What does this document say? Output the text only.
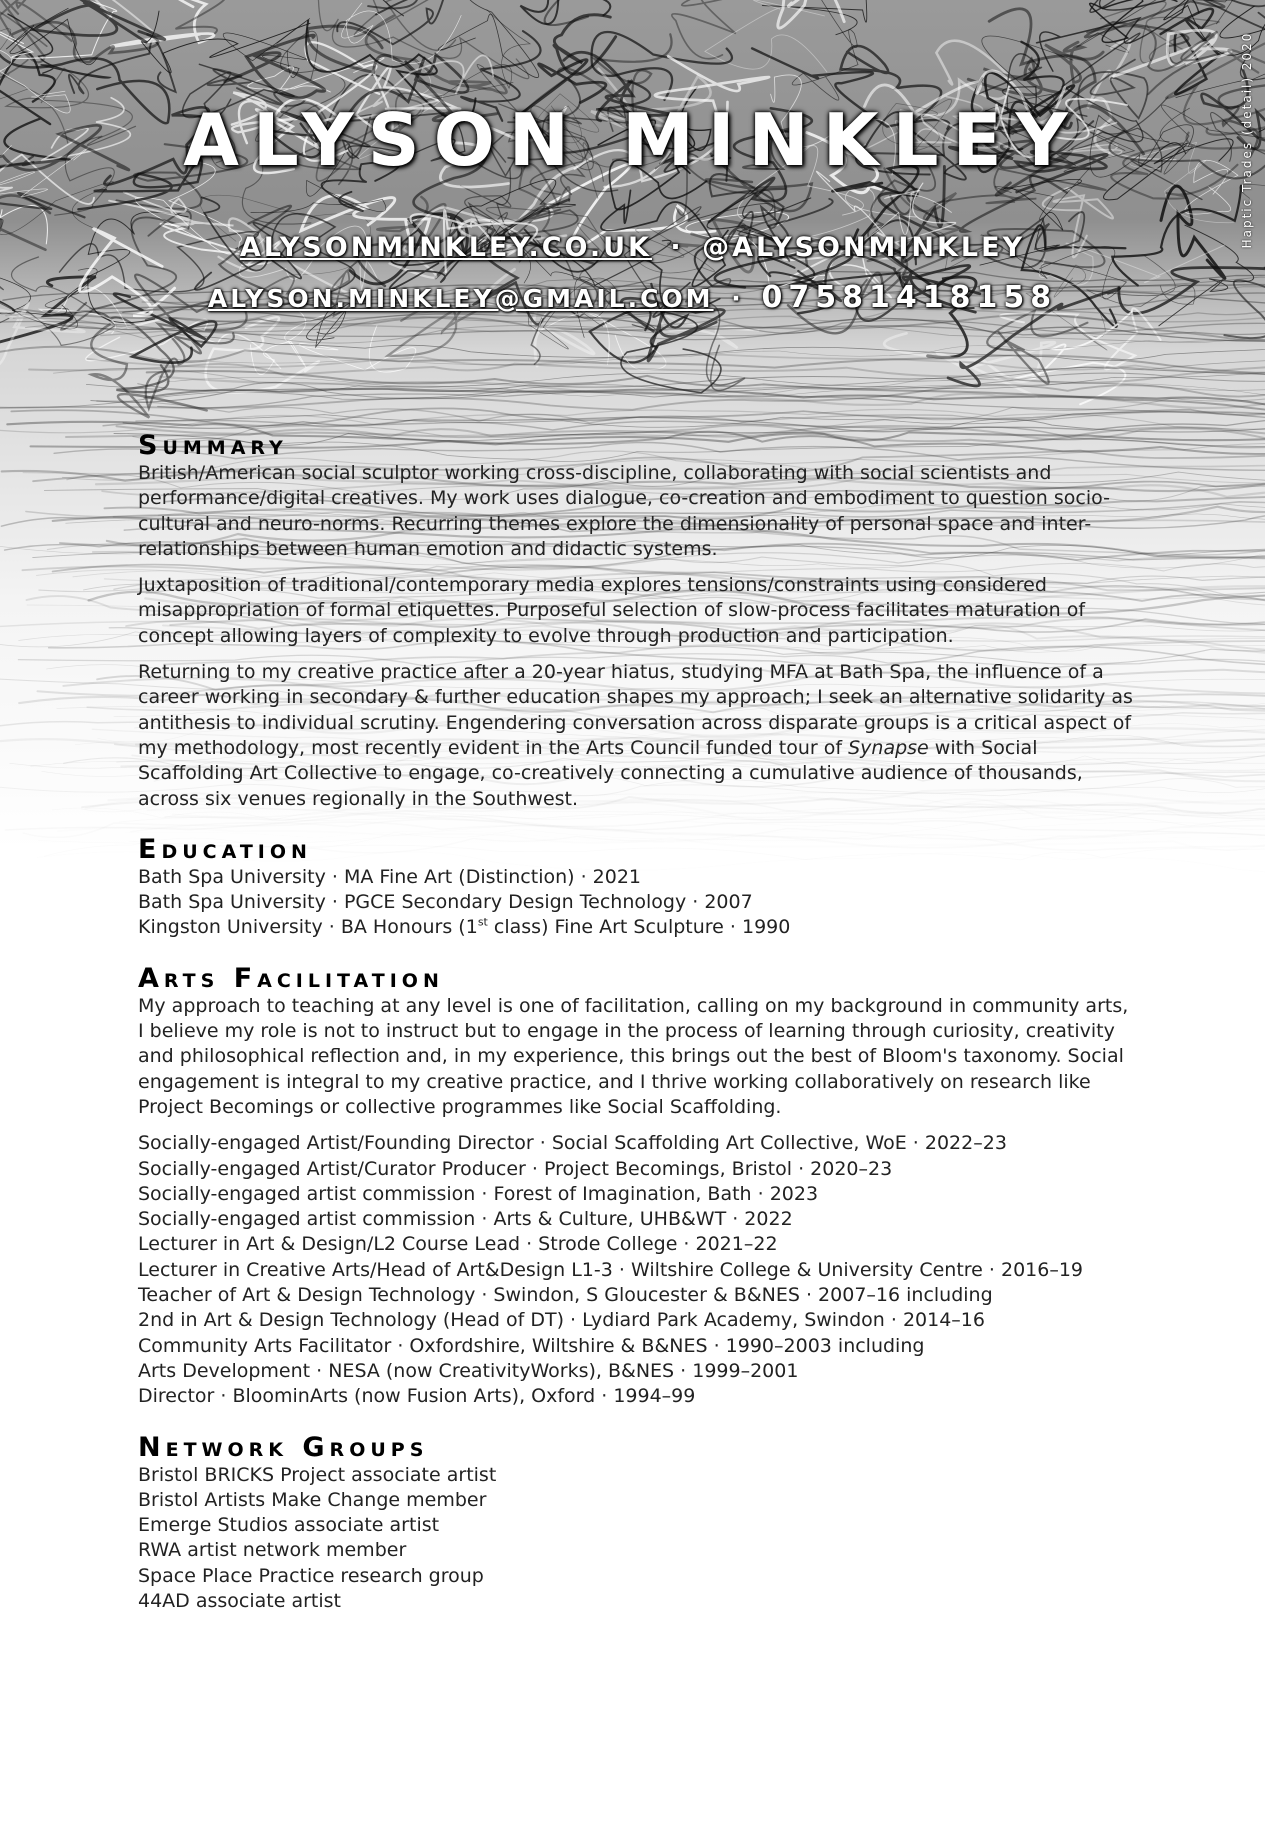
ALYSON MINKLEY
ALYSONMINKLEY.CO.UK · @ALYSONMINKLEY
ALYSON.MINKLEY@GMAIL.COM · 07581418158
Haptic Trades (detail) 2020
Summary

British/American social sculptor working cross-discipline, collaborating with social scientists and performance/digital creatives. My work uses dialogue, co-creation and embodiment to question socio-cultural and neuro-norms. Recurring themes explore the dimensionality of personal space and inter-relationships between human emotion and didactic systems.

Juxtaposition of traditional/contemporary media explores tensions/constraints using considered misappropriation of formal etiquettes. Purposeful selection of slow-process facilitates maturation of concept allowing layers of complexity to evolve through production and participation.

Returning to my creative practice after a 20-year hiatus, studying MFA at Bath Spa, the influence of a career working in secondary & further education shapes my approach; I seek an alternative solidarity as antithesis to individual scrutiny. Engendering conversation across disparate groups is a critical aspect of my methodology, most recently evident in the Arts Council funded tour of Synapse with Social Scaffolding Art Collective to engage, co-creatively connecting a cumulative audience of thousands, across six venues regionally in the Southwest.

Education
Bath Spa University · MA Fine Art (Distinction) · 2021
Bath Spa University · PGCE Secondary Design Technology · 2007
Kingston University · BA Honours (1st class) Fine Art Sculpture · 1990
Arts Facilitation

My approach to teaching at any level is one of facilitation, calling on my background in community arts, I believe my role is not to instruct but to engage in the process of learning through curiosity, creativity and philosophical reflection and, in my experience, this brings out the best of Bloom's taxonomy. Social engagement is integral to my creative practice, and I thrive working collaboratively on research like Project Becomings or collective programmes like Social Scaffolding.

Socially-engaged Artist/Founding Director · Social Scaffolding Art Collective, WoE · 2022–23
Socially-engaged Artist/Curator Producer · Project Becomings, Bristol · 2020–23
Socially-engaged artist commission · Forest of Imagination, Bath · 2023
Socially-engaged artist commission · Arts & Culture, UHB&WT · 2022
Lecturer in Art & Design/L2 Course Lead · Strode College · 2021–22
Lecturer in Creative Arts/Head of Art&Design L1-3 · Wiltshire College & University Centre · 2016–19
Teacher of Art & Design Technology · Swindon, S Gloucester & B&NES · 2007–16 including
2nd in Art & Design Technology (Head of DT) · Lydiard Park Academy, Swindon · 2014–16
Community Arts Facilitator · Oxfordshire, Wiltshire & B&NES · 1990–2003 including
Arts Development · NESA (now CreativityWorks), B&NES · 1999–2001
Director · BloominArts (now Fusion Arts), Oxford · 1994–99
Network Groups
Bristol BRICKS Project associate artist
Bristol Artists Make Change member
Emerge Studios associate artist
RWA artist network member
Space Place Practice research group
44AD associate artist
